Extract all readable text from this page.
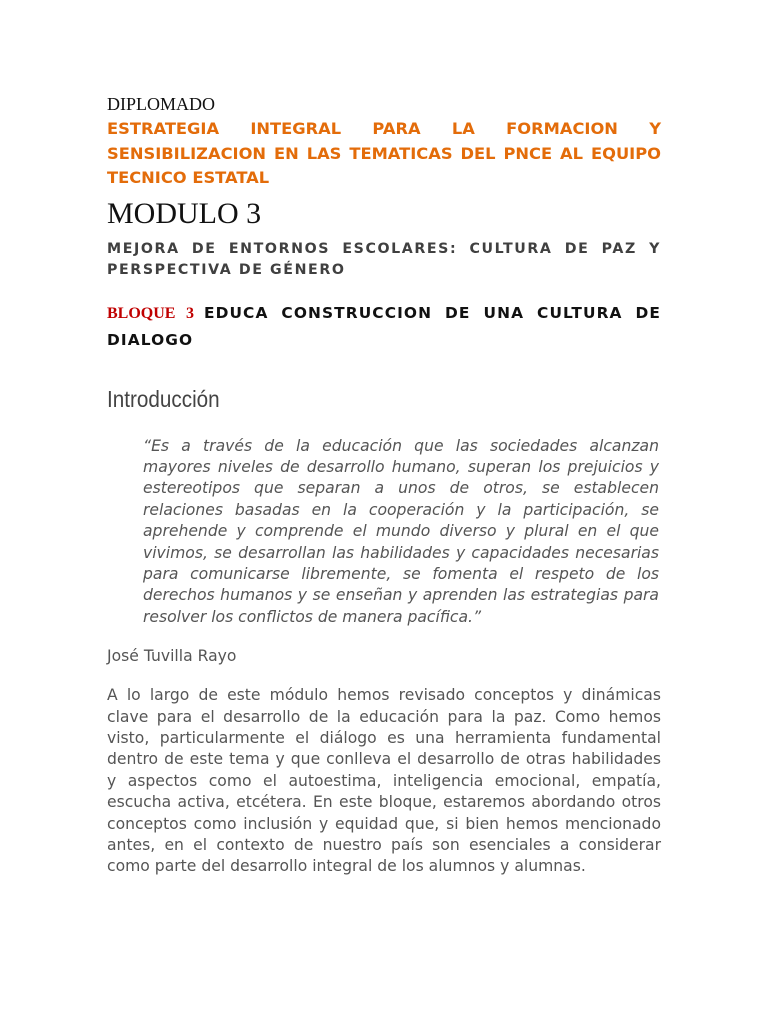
DIPLOMADO

ESTRATEGIA INTEGRAL PARA LA FORMACION Y SENSIBILIZACION EN LAS TEMATICAS DEL PNCE AL EQUIPO TECNICO ESTATAL

MODULO 3

MEJORA DE ENTORNOS ESCOLARES: CULTURA DE PAZ Y PERSPECTIVA DE GÉNERO

BLOQUE 3 EDUCA CONSTRUCCION DE UNA CULTURA DE DIALOGO

Introducción

“Es a través de la educación que las sociedades alcanzan mayores niveles de desarrollo humano, superan los prejuicios y estereotipos que separan a unos de otros, se establecen relaciones basadas en la cooperación y la participación, se aprehende y comprende el mundo diverso y plural en el que vivimos, se desarrollan las habilidades y capacidades necesarias para comunicarse libremente, se fomenta el respeto de los derechos humanos y se enseñan y aprenden las estrategias para resolver los conflictos de manera pacífica.”

José Tuvilla Rayo

A lo largo de este módulo hemos revisado conceptos y dinámicas clave para el desarrollo de la educación para la paz. Como hemos visto, particularmente el diálogo es una herramienta fundamental dentro de este tema y que conlleva el desarrollo de otras habilidades y aspectos como el autoestima, inteligencia emocional, empatía, escucha activa, etcétera. En este bloque, estaremos abordando otros conceptos como inclusión y equidad que, si bien hemos mencionado antes, en el contexto de nuestro país son esenciales a considerar como parte del desarrollo integral de los alumnos y alumnas.
